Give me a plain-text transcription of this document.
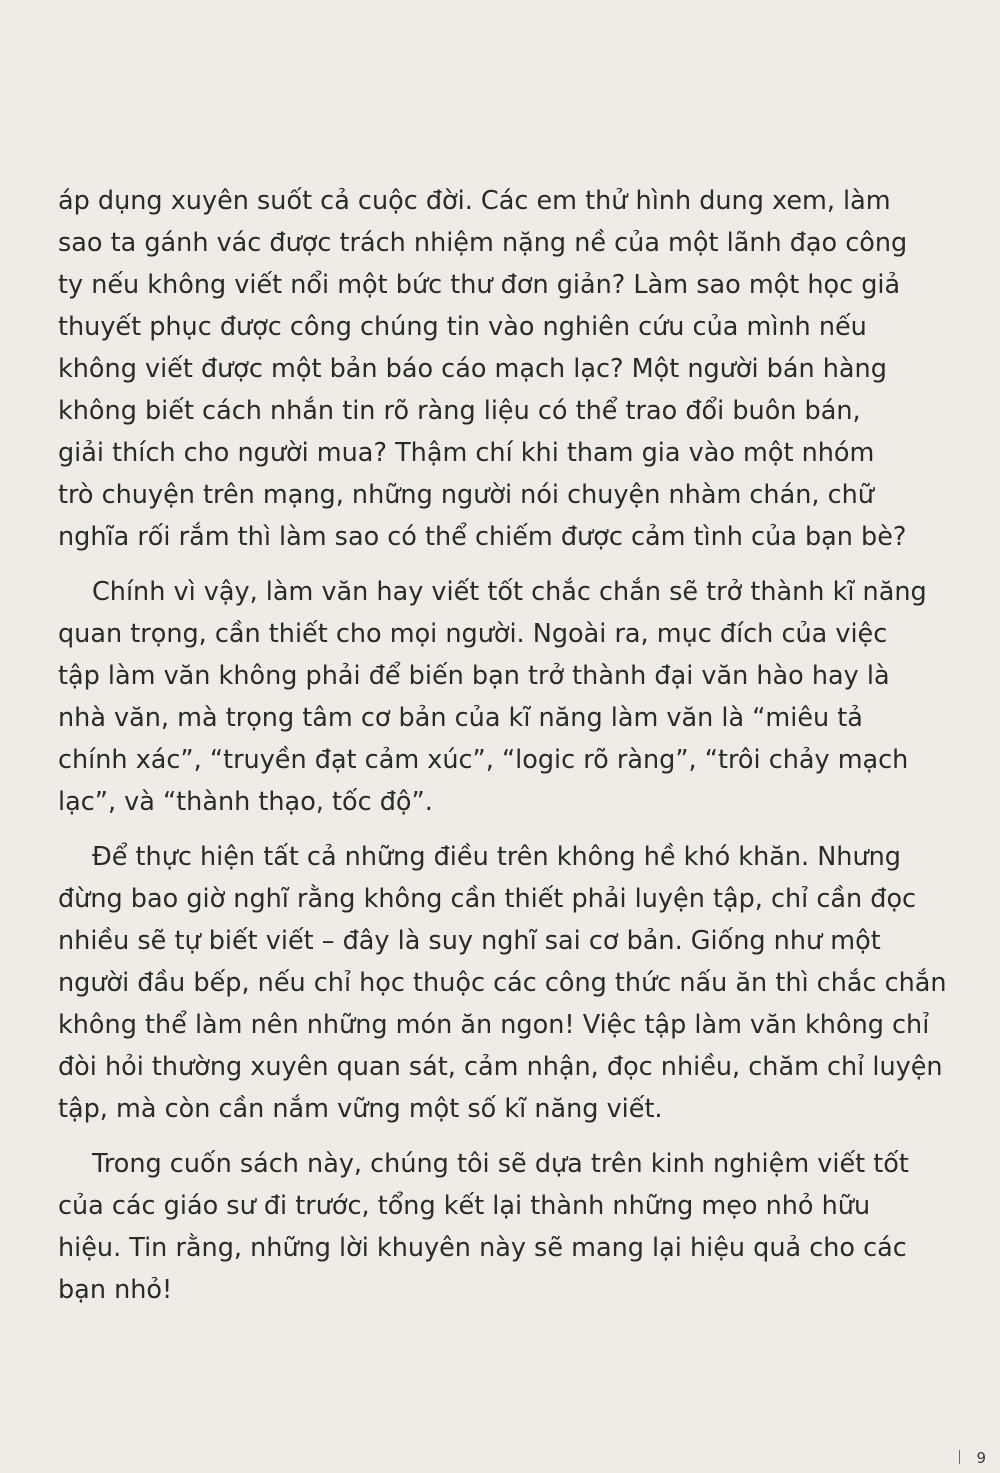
áp dụng xuyên suốt cả cuộc đời. Các em thử hình dung xem, làm
sao ta gánh vác được trách nhiệm nặng nề của một lãnh đạo công
ty nếu không viết nổi một bức thư đơn giản? Làm sao một học giả
thuyết phục được công chúng tin vào nghiên cứu của mình nếu
không viết được một bản báo cáo mạch lạc? Một người bán hàng
không biết cách nhắn tin rõ ràng liệu có thể trao đổi buôn bán,
giải thích cho người mua? Thậm chí khi tham gia vào một nhóm
trò chuyện trên mạng, những người nói chuyện nhàm chán, chữ
nghĩa rối rắm thì làm sao có thể chiếm được cảm tình của bạn bè?

Chính vì vậy, làm văn hay viết tốt chắc chắn sẽ trở thành kĩ năng
quan trọng, cần thiết cho mọi người. Ngoài ra, mục đích của việc
tập làm văn không phải để biến bạn trở thành đại văn hào hay là
nhà văn, mà trọng tâm cơ bản của kĩ năng làm văn là “miêu tả
chính xác”, “truyền đạt cảm xúc”, “logic rõ ràng”, “trôi chảy mạch
lạc”, và “thành thạo, tốc độ”.

Để thực hiện tất cả những điều trên không hề khó khăn. Nhưng
đừng bao giờ nghĩ rằng không cần thiết phải luyện tập, chỉ cần đọc
nhiều sẽ tự biết viết – đây là suy nghĩ sai cơ bản. Giống như một
người đầu bếp, nếu chỉ học thuộc các công thức nấu ăn thì chắc chắn
không thể làm nên những món ăn ngon! Việc tập làm văn không chỉ
đòi hỏi thường xuyên quan sát, cảm nhận, đọc nhiều, chăm chỉ luyện
tập, mà còn cần nắm vững một số kĩ năng viết.

Trong cuốn sách này, chúng tôi sẽ dựa trên kinh nghiệm viết tốt
của các giáo sư đi trước, tổng kết lại thành những mẹo nhỏ hữu
hiệu. Tin rằng, những lời khuyên này sẽ mang lại hiệu quả cho các
bạn nhỏ!

9
